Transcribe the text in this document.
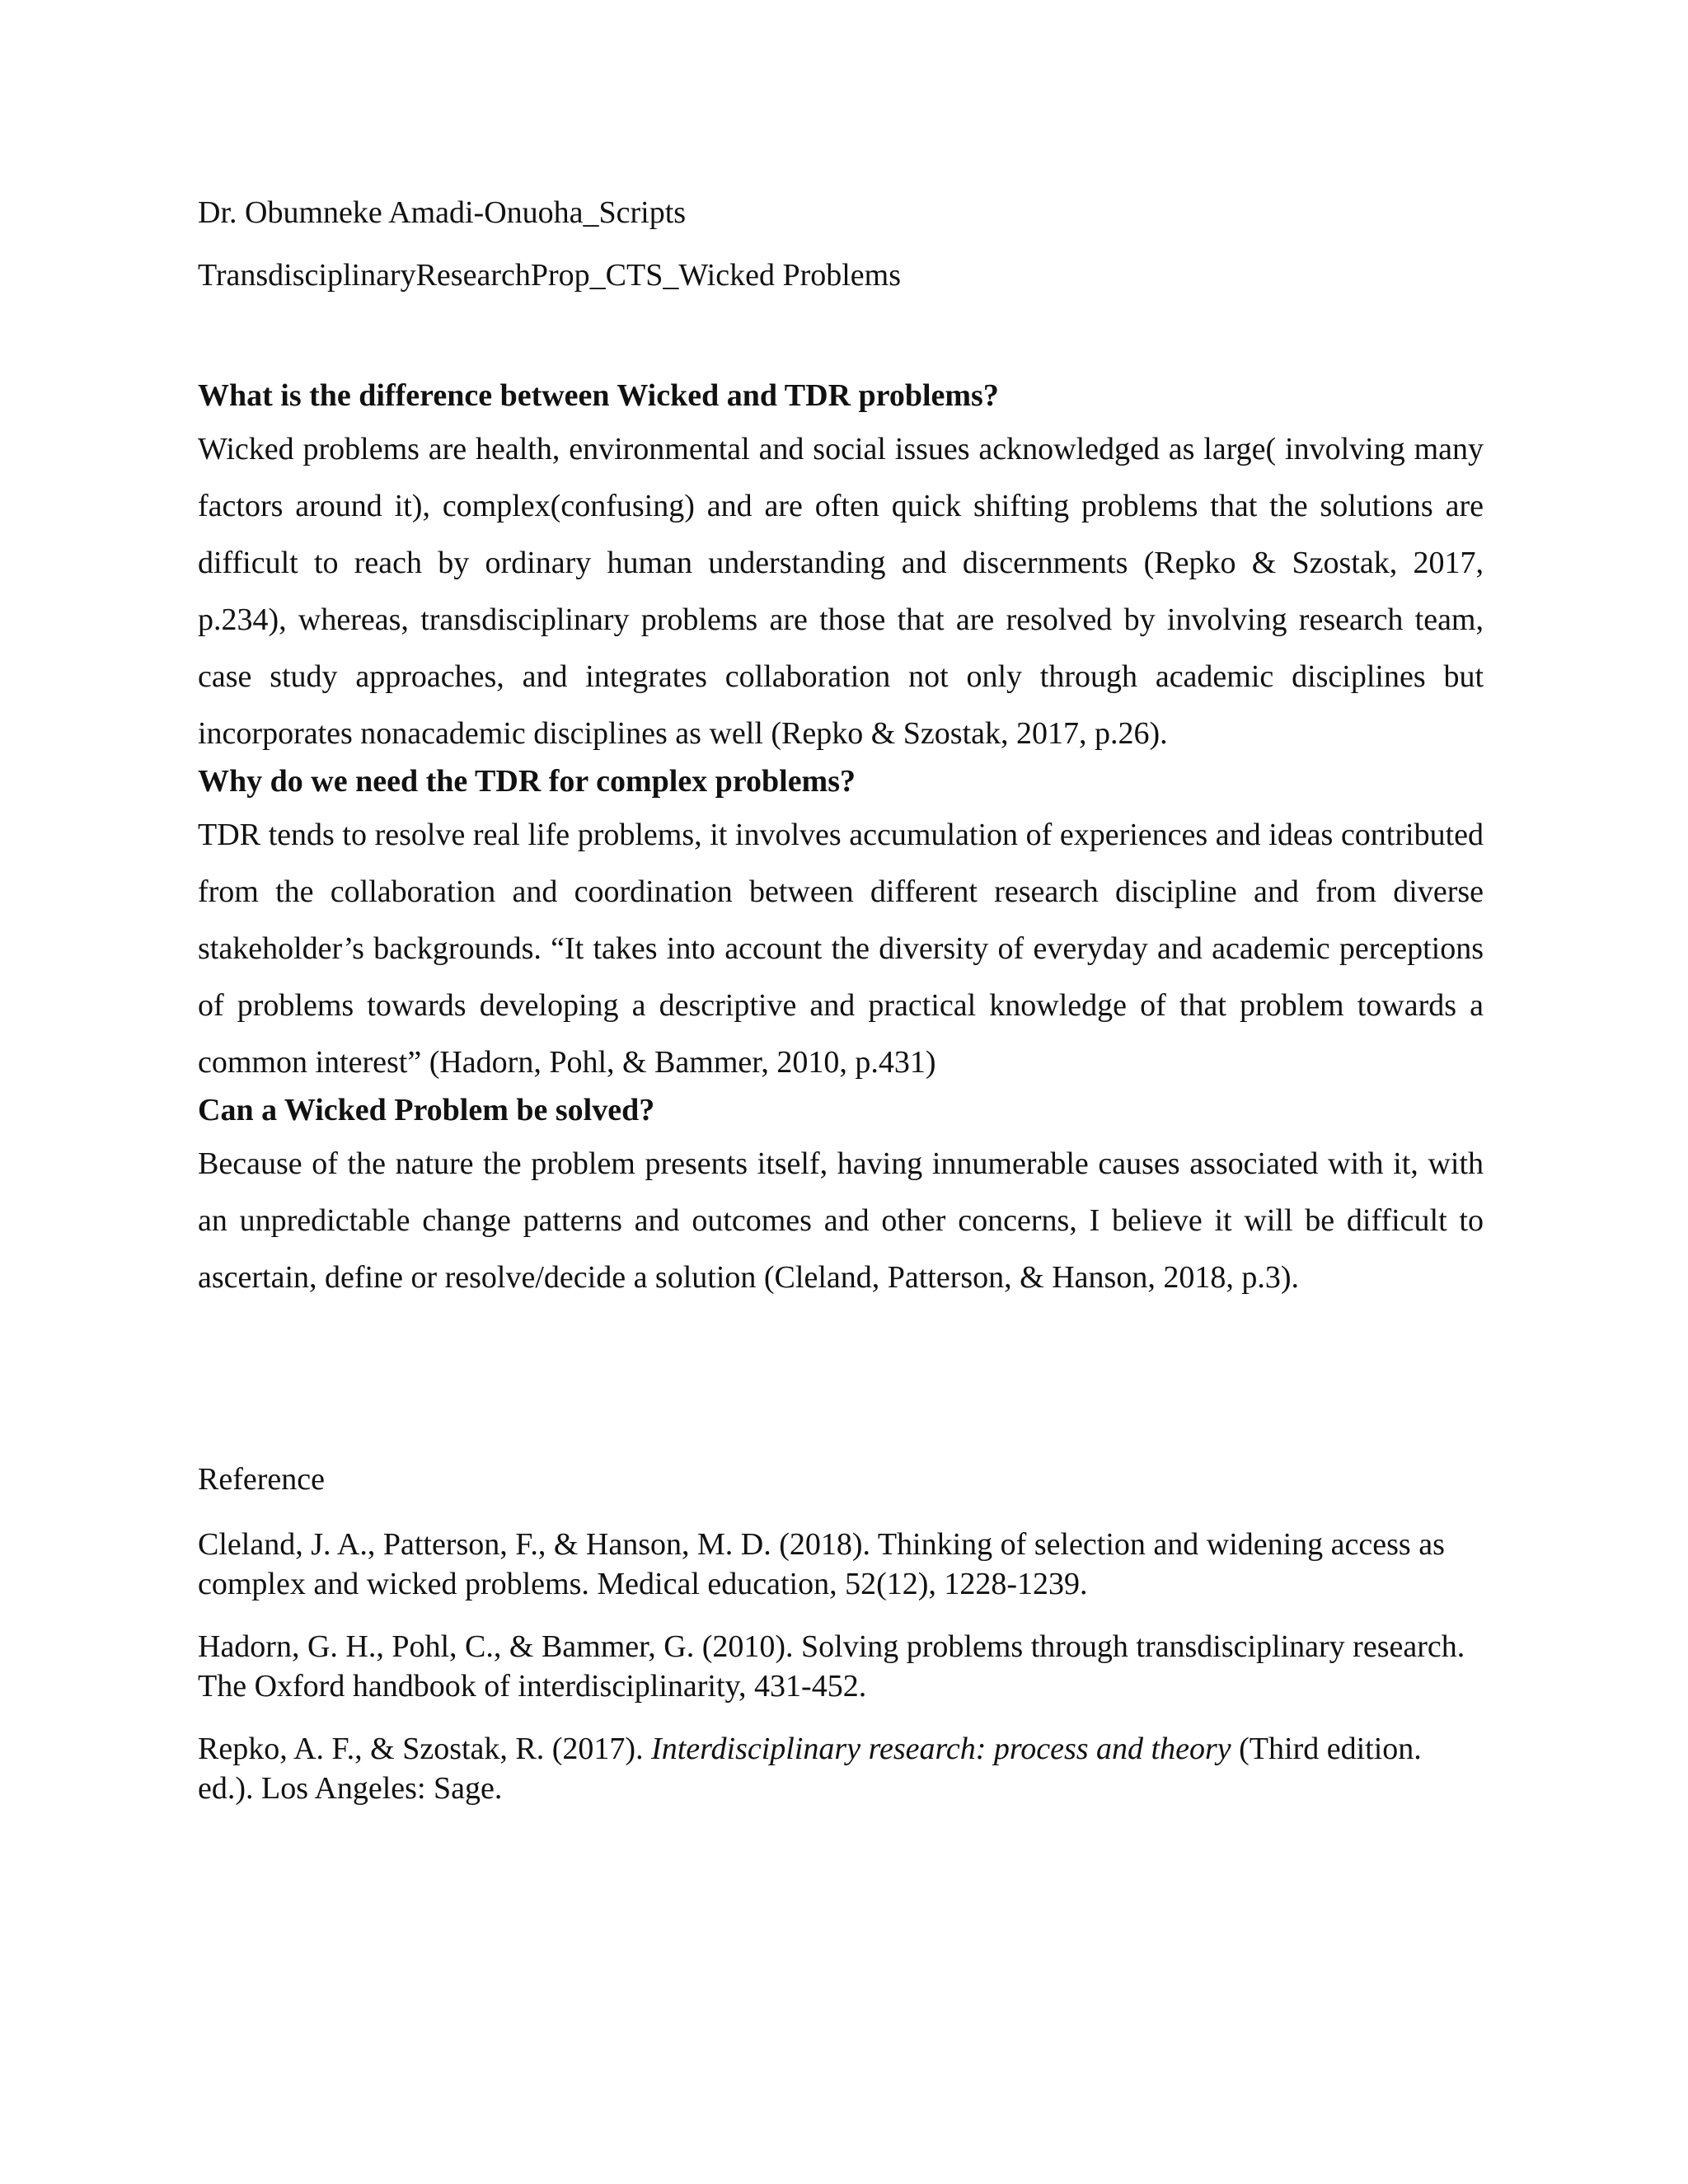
Dr. Obumneke Amadi-Onuoha_Scripts
TransdisciplinaryResearchProp_CTS_Wicked Problems
What is the difference between Wicked and TDR problems?

Wicked problems are health, environmental and social issues acknowledged as large( involving many factors around it), complex(confusing) and are often quick shifting problems that the solutions are difficult to reach by ordinary human understanding and discernments (Repko & Szostak, 2017, p.234), whereas, transdisciplinary problems are those that are resolved by involving research team, case study approaches, and integrates collaboration not only through academic disciplines but incorporates nonacademic disciplines as well (Repko & Szostak, 2017, p.26).

Why do we need the TDR for complex problems?

TDR tends to resolve real life problems, it involves accumulation of experiences and ideas contributed from the collaboration and coordination between different research discipline and from diverse stakeholder’s backgrounds. “It takes into account the diversity of everyday and academic perceptions of problems towards developing a descriptive and practical knowledge of that problem towards a common interest” (Hadorn, Pohl, & Bammer, 2010, p.431)

Can a Wicked Problem be solved?

Because of the nature the problem presents itself, having innumerable causes associated with it, with an unpredictable change patterns and outcomes and other concerns, I believe it will be difficult to ascertain, define or resolve/decide a solution (Cleland, Patterson, & Hanson, 2018, p.3).

Reference
Cleland, J. A., Patterson, F., & Hanson, M. D. (2018). Thinking of selection and widening access as complex and wicked problems. Medical education, 52(12), 1228-1239.
Hadorn, G. H., Pohl, C., & Bammer, G. (2010). Solving problems through transdisciplinary research. The Oxford handbook of interdisciplinarity, 431-452.
Repko, A. F., & Szostak, R. (2017). Interdisciplinary research: process and theory (Third edition. ed.). Los Angeles: Sage.
